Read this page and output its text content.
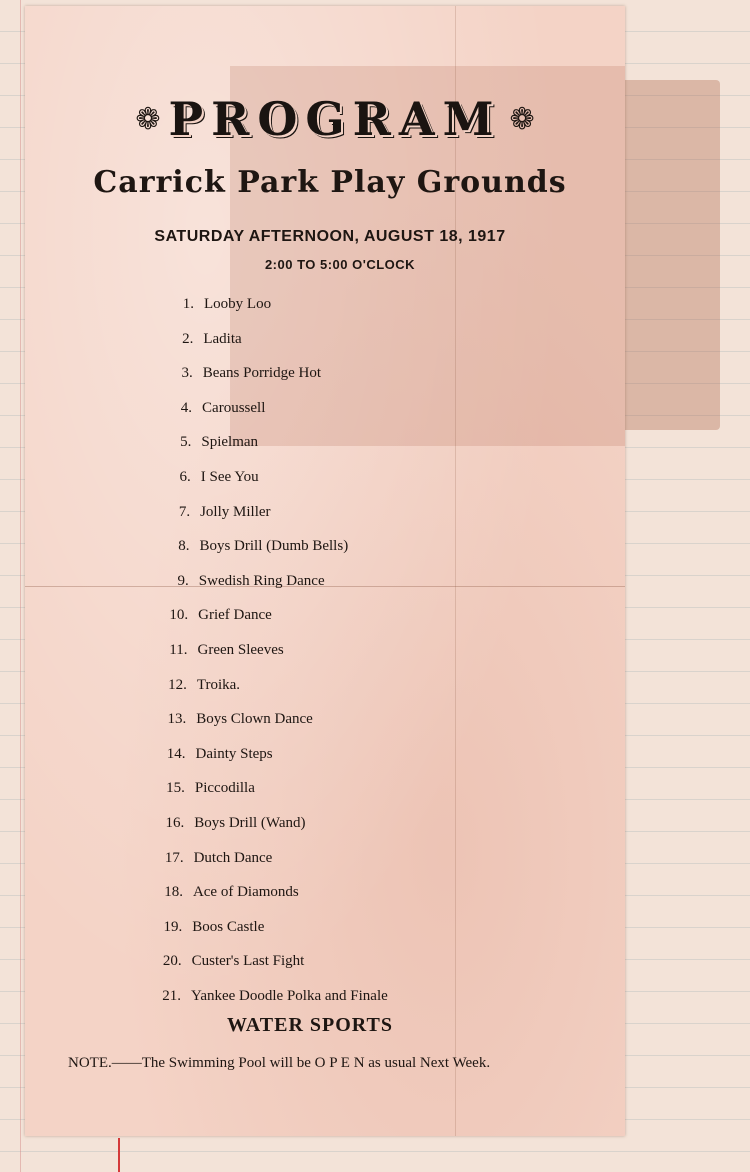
❁ PROGRAM ❁
Carrick Park Play Grounds
SATURDAY AFTERNOON, AUGUST 18, 1917
2:00 TO 5:00 O'CLOCK
1. Looby Loo
2. Ladita
3. Beans Porridge Hot
4. Caroussell
5. Spielman
6. I See You
7. Jolly Miller
8. Boys Drill (Dumb Bells)
9. Swedish Ring Dance
10. Grief Dance
11. Green Sleeves
12. Troika.
13. Boys Clown Dance
14. Dainty Steps
15. Piccodilla
16. Boys Drill (Wand)
17. Dutch Dance
18. Ace of Diamonds
19. Boos Castle
20. Custer's Last Fight
21. Yankee Doodle Polka and Finale
WATER SPORTS
NOTE.——The Swimming Pool will be O P E N as usual Next Week.
